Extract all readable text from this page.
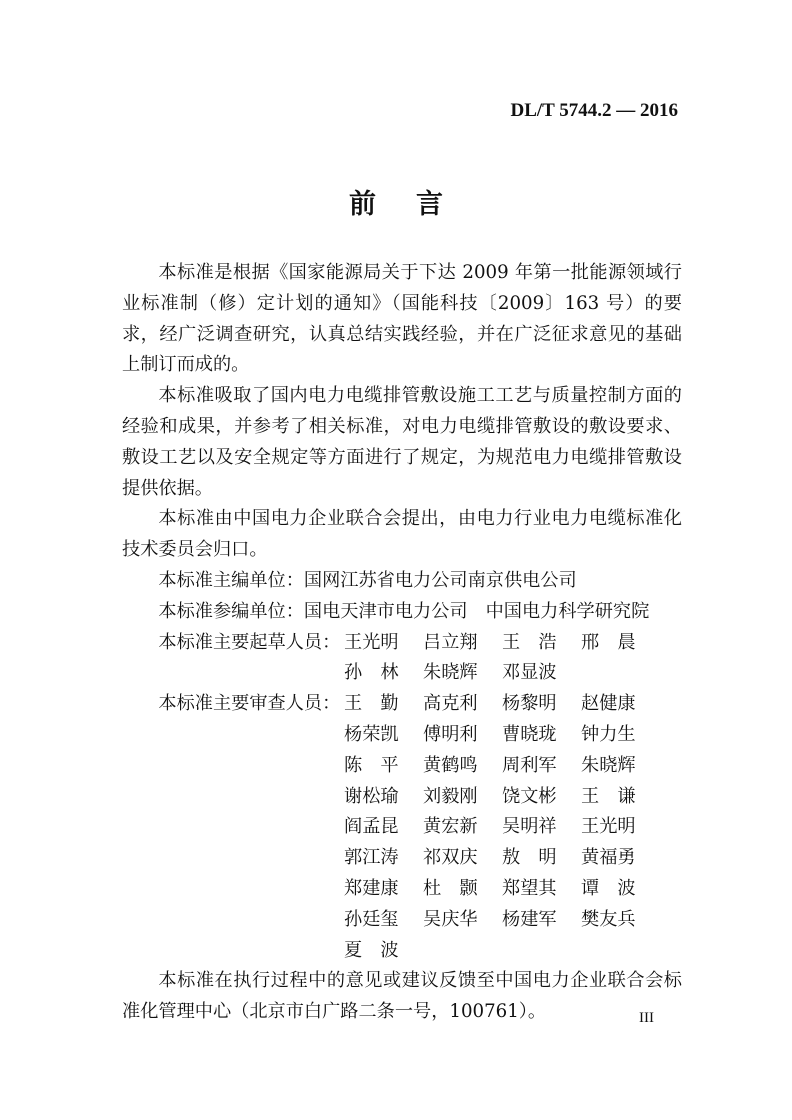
DL/T 5744.2 — 2016
前言

本标准是根据《国家能源局关于下达 2009 年第一批能源领域行业标准制（修）定计划的通知》（国能科技〔2009〕163 号）的要求，经广泛调查研究，认真总结实践经验，并在广泛征求意见的基础上制订而成的。

本标准吸取了国内电力电缆排管敷设施工工艺与质量控制方面的经验和成果，并参考了相关标准，对电力电缆排管敷设的敷设要求、敷设工艺以及安全规定等方面进行了规定，为规范电力电缆排管敷设提供依据。

本标准由中国电力企业联合会提出，由电力行业电力电缆标准化技术委员会归口。

本标准主编单位：国网江苏省电力公司南京供电公司

本标准参编单位：国电天津市电力公司 中国电力科学研究院

本标准主要起草人员： 王光明	吕立翔	王　浩	邢　晨
孙　林	朱晓辉	邓显波
本标准主要审查人员： 王　勤	高克利	杨黎明	赵健康
杨荣凯	傅明利	曹晓珑	钟力生
陈　平	黄鹤鸣	周利军	朱晓辉
谢松瑜	刘毅刚	饶文彬	王　谦
阎孟昆	黄宏新	吴明祥	王光明
郭江涛	祁双庆	敖　明	黄福勇
郑建康	杜　颢	郑望其	谭　波
孙廷玺	吴庆华	杨建军	樊友兵
夏　波

本标准在执行过程中的意见或建议反馈至中国电力企业联合会标准化管理中心（北京市白广路二条一号，100761）。	III
